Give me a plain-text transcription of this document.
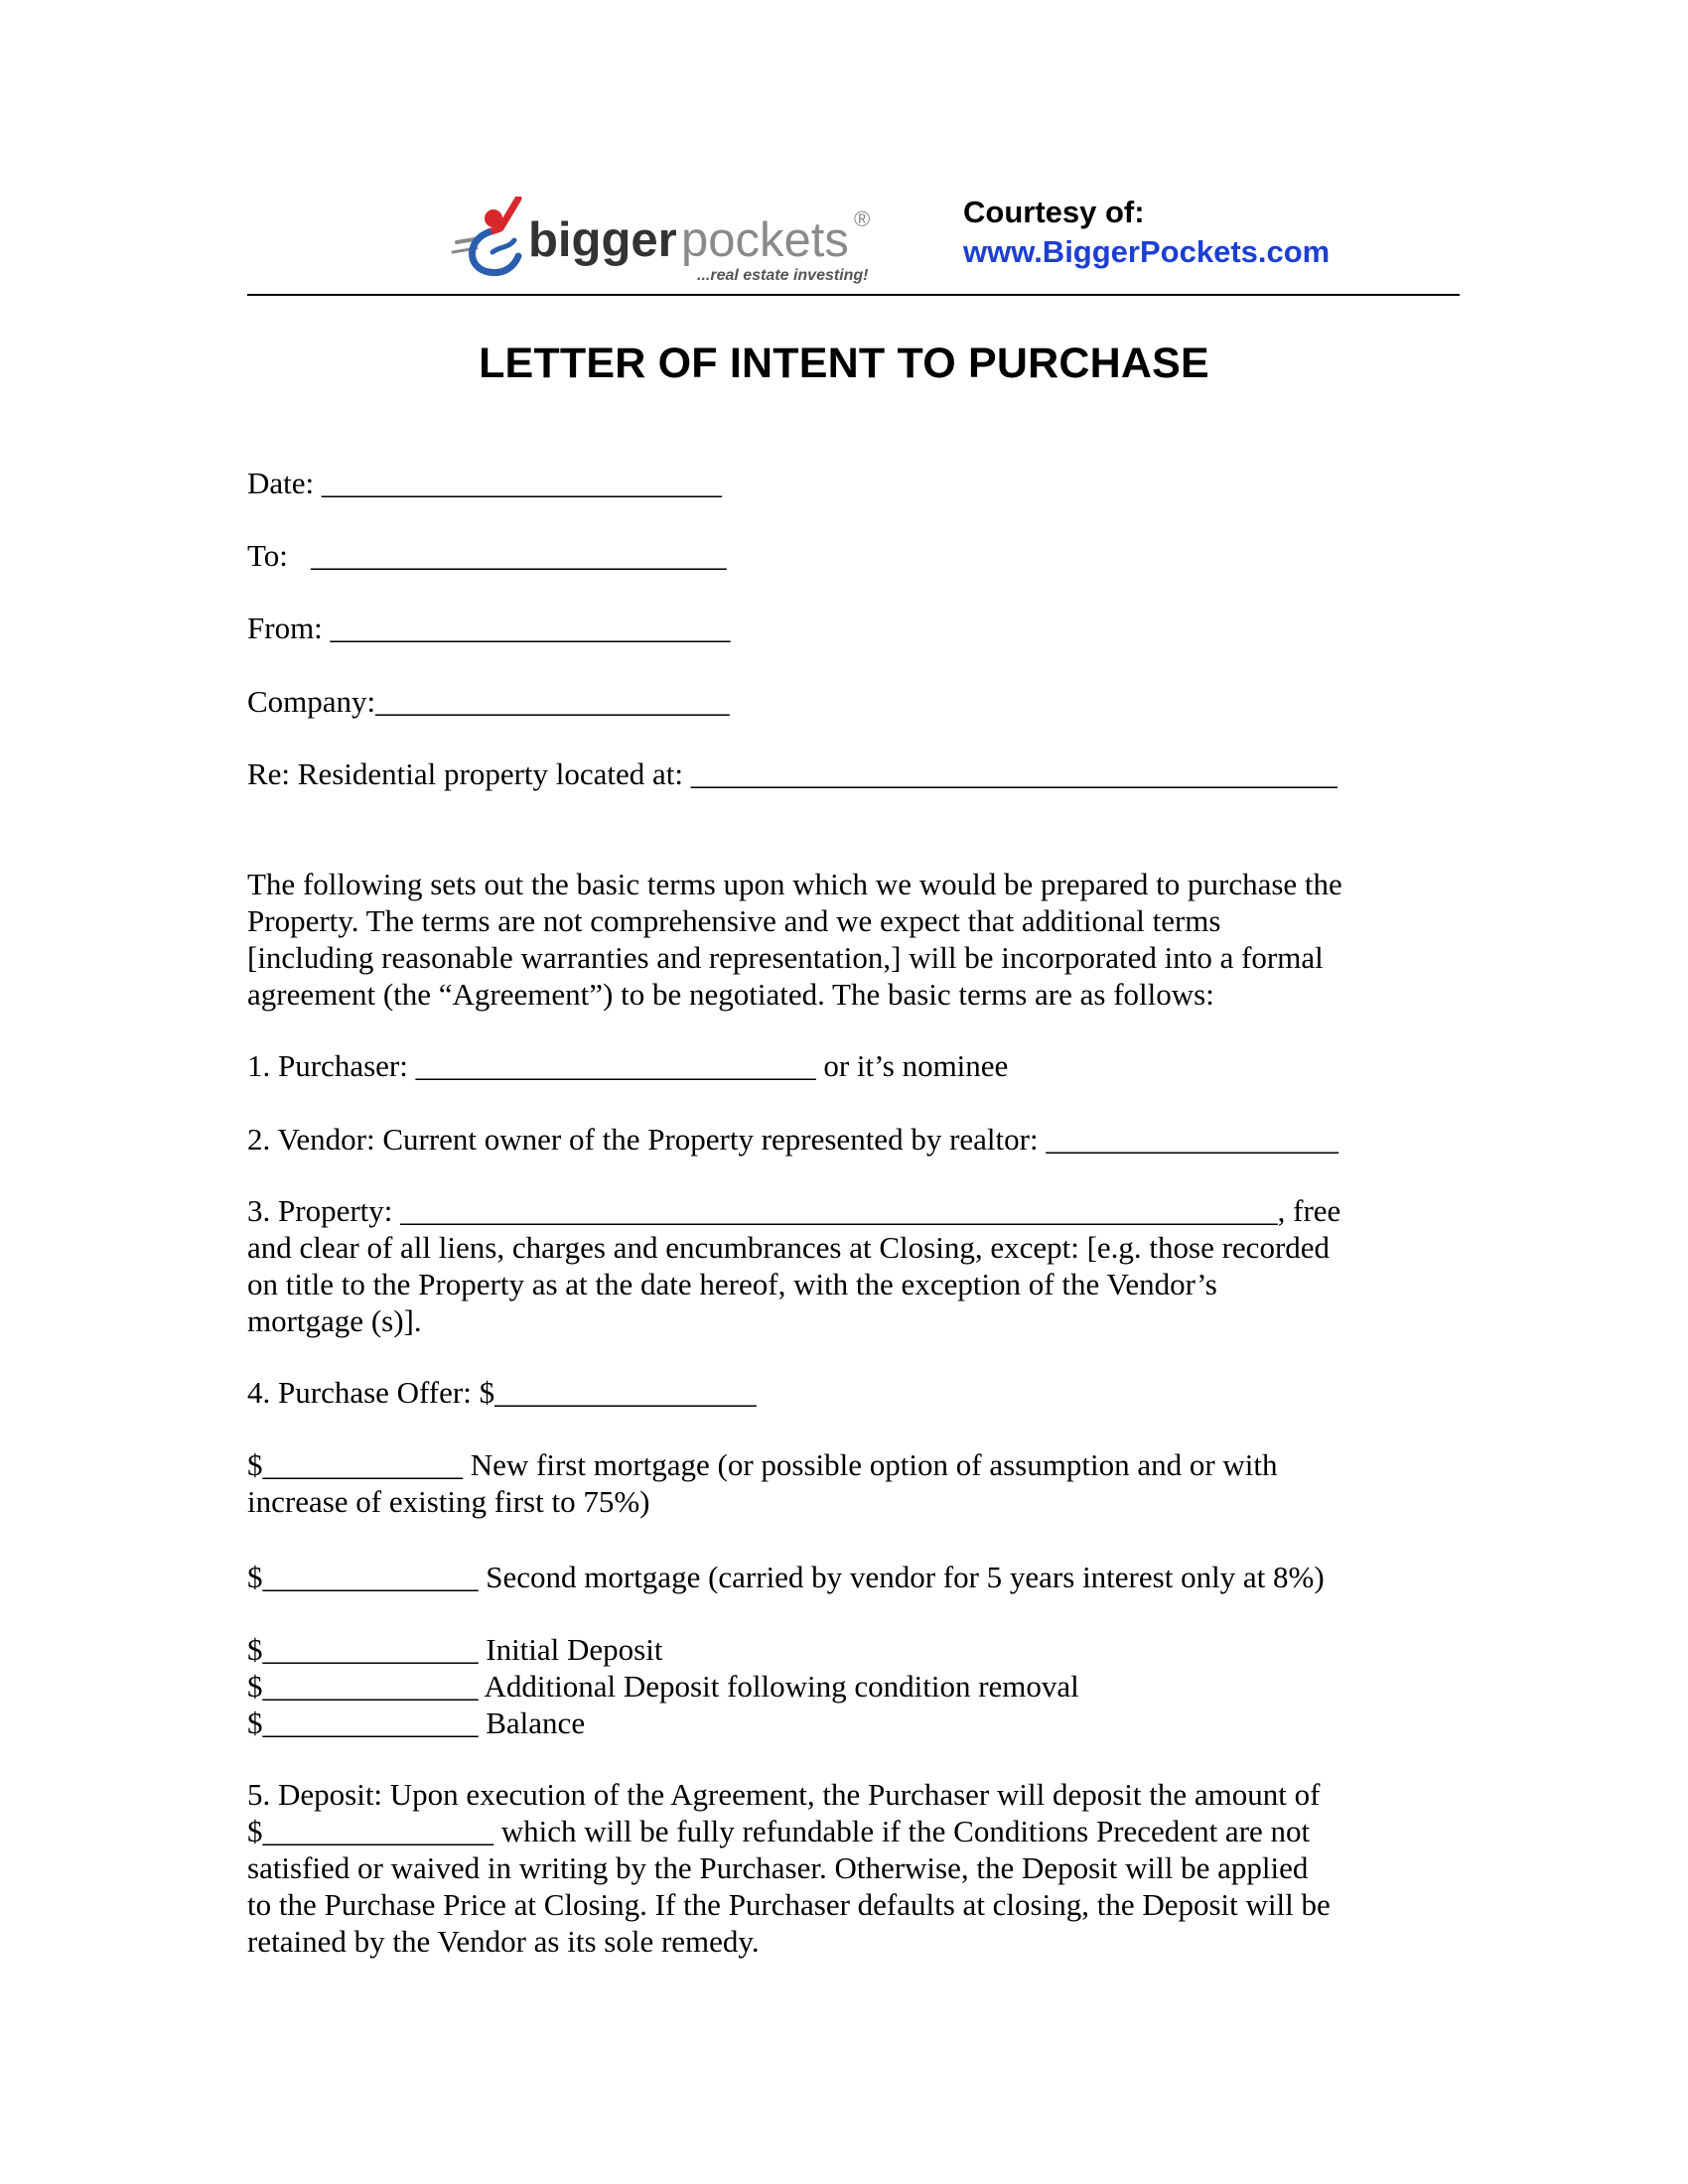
bigger pockets ®
...real estate investing!
Courtesy of:
www.BiggerPockets.com
LETTER OF INTENT TO PURCHASE
Date: __________________________
To:   ___________________________
From: __________________________
Company:_______________________
Re: Residential property located at: __________________________________________
The following sets out the basic terms upon which we would be prepared to purchase the
Property. The terms are not comprehensive and we expect that additional terms
[including reasonable warranties and representation,] will be incorporated into a formal
agreement (the “Agreement”) to be negotiated. The basic terms are as follows:
1. Purchaser: __________________________ or it’s nominee
2. Vendor: Current owner of the Property represented by realtor: ___________________
3. Property: _________________________________________________________, free
and clear of all liens, charges and encumbrances at Closing, except: [e.g. those recorded
on title to the Property as at the date hereof, with the exception of the Vendor’s
mortgage (s)].
4. Purchase Offer: $_________________
$_____________ New first mortgage (or possible option of assumption and or with
increase of existing first to 75%)
$______________ Second mortgage (carried by vendor for 5 years interest only at 8%)
$______________ Initial Deposit
$______________ Additional Deposit following condition removal
$______________ Balance
5. Deposit: Upon execution of the Agreement, the Purchaser will deposit the amount of
$_______________ which will be fully refundable if the Conditions Precedent are not
satisfied or waived in writing by the Purchaser. Otherwise, the Deposit will be applied
to the Purchase Price at Closing. If the Purchaser defaults at closing, the Deposit will be
retained by the Vendor as its sole remedy.
